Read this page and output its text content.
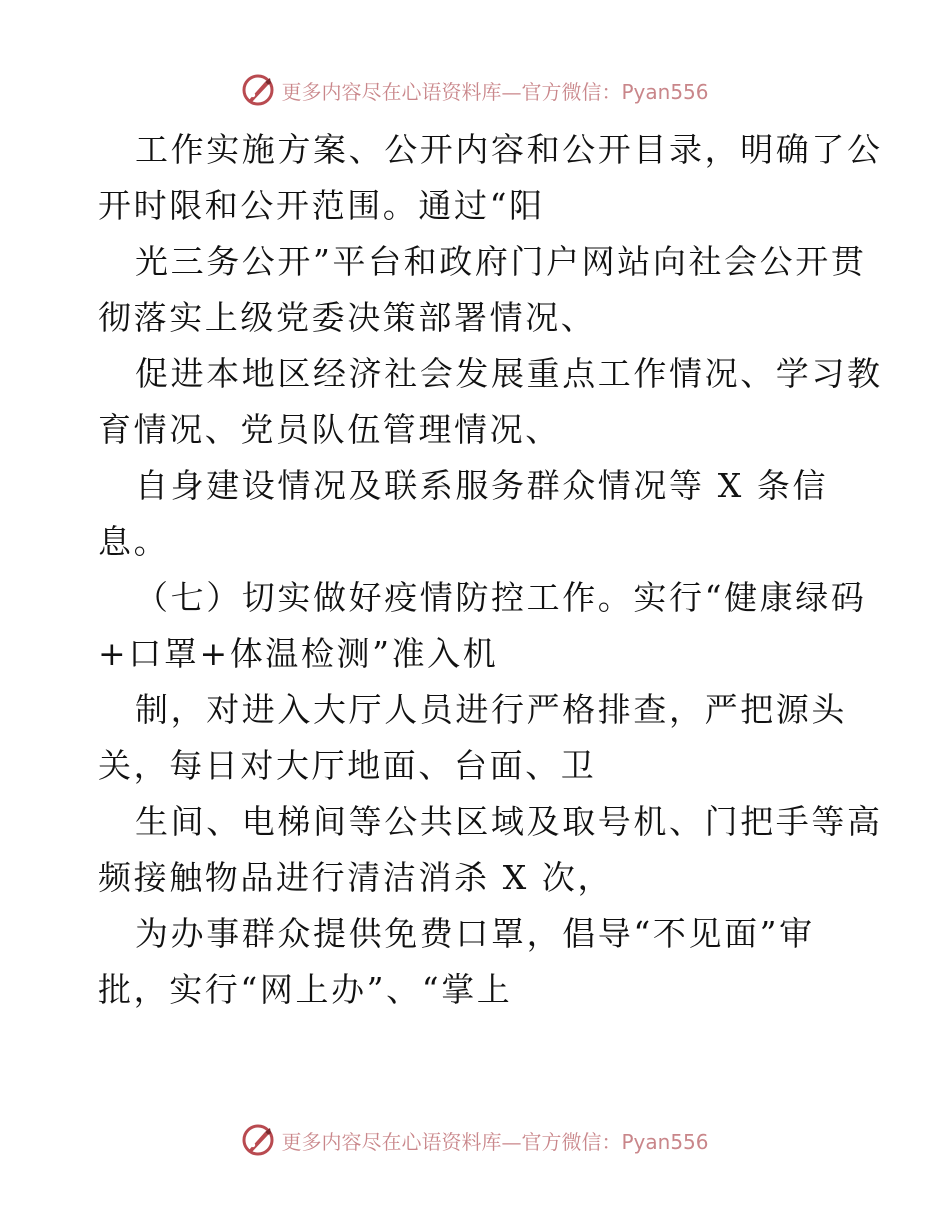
更多内容尽在心语资料库—官方微信：Pyan556
工作实施方案、公开内容和公开目录，明确了公
开时限和公开范围。通过“阳
光三务公开”平台和政府门户网站向社会公开贯
彻落实上级党委决策部署情况、
促进本地区经济社会发展重点工作情况、学习教
育情况、党员队伍管理情况、
自身建设情况及联系服务群众情况等 X 条信
息。
（七）切实做好疫情防控工作。实行“健康绿码
+口罩+体温检测”准入机
制，对进入大厅人员进行严格排查，严把源头
关，每日对大厅地面、台面、卫
生间、电梯间等公共区域及取号机、门把手等高
频接触物品进行清洁消杀 X 次，
为办事群众提供免费口罩，倡导“不见面”审
批，实行“网上办”、“掌上
更多内容尽在心语资料库—官方微信：Pyan556
